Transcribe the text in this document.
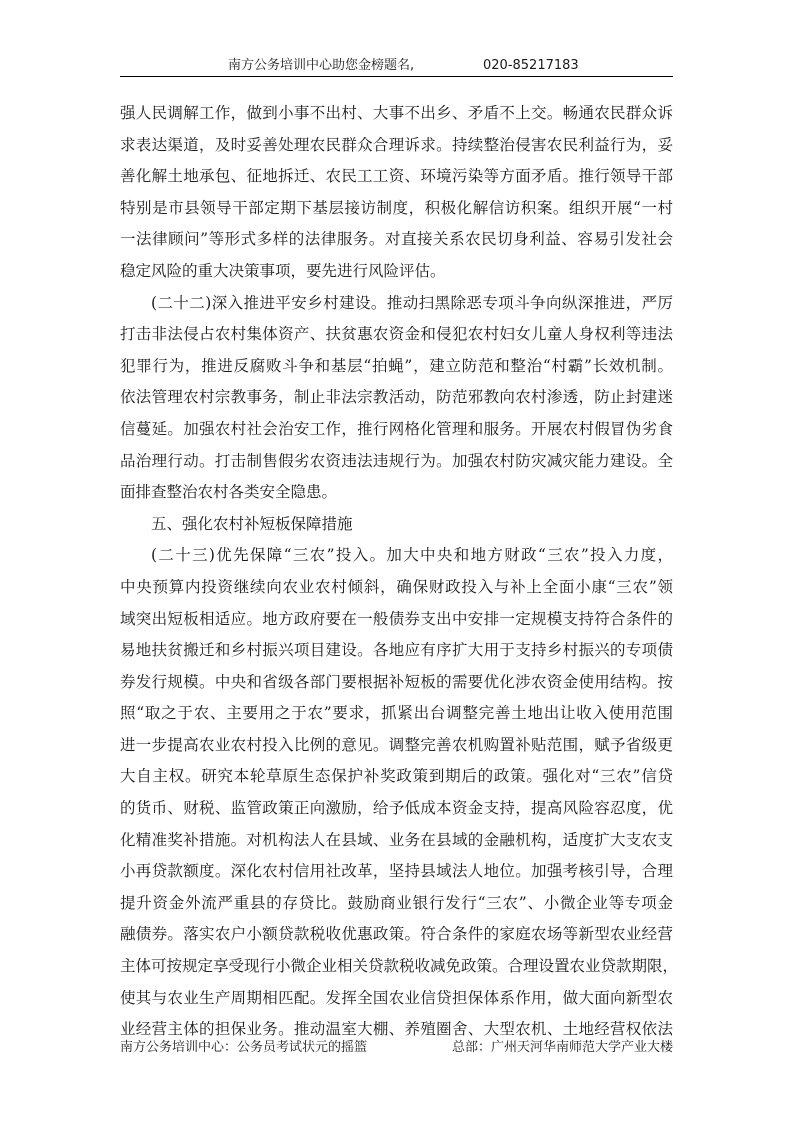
南方公务培训中心助您金榜题名,	020-85217183
强人民调解工作，做到小事不出村、大事不出乡、矛盾不上交。畅通农民群众诉
求表达渠道，及时妥善处理农民群众合理诉求。持续整治侵害农民利益行为，妥
善化解土地承包、征地拆迁、农民工工资、环境污染等方面矛盾。推行领导干部
特别是市县领导干部定期下基层接访制度，积极化解信访积案。组织开展“一村
一法律顾问”等形式多样的法律服务。对直接关系农民切身利益、容易引发社会
稳定风险的重大决策事项，要先进行风险评估。
(二十二)深入推进平安乡村建设。推动扫黑除恶专项斗争向纵深推进，严厉
打击非法侵占农村集体资产、扶贫惠农资金和侵犯农村妇女儿童人身权利等违法
犯罪行为，推进反腐败斗争和基层“拍蝇”，建立防范和整治“村霸”长效机制。
依法管理农村宗教事务，制止非法宗教活动，防范邪教向农村渗透，防止封建迷
信蔓延。加强农村社会治安工作，推行网格化管理和服务。开展农村假冒伪劣食
品治理行动。打击制售假劣农资违法违规行为。加强农村防灾减灾能力建设。全
面排查整治农村各类安全隐患。
五、强化农村补短板保障措施
(二十三)优先保障“三农”投入。加大中央和地方财政“三农”投入力度，
中央预算内投资继续向农业农村倾斜，确保财政投入与补上全面小康“三农”领
域突出短板相适应。地方政府要在一般债券支出中安排一定规模支持符合条件的
易地扶贫搬迁和乡村振兴项目建设。各地应有序扩大用于支持乡村振兴的专项债
券发行规模。中央和省级各部门要根据补短板的需要优化涉农资金使用结构。按
照“取之于农、主要用之于农”要求，抓紧出台调整完善土地出让收入使用范围
进一步提高农业农村投入比例的意见。调整完善农机购置补贴范围，赋予省级更
大自主权。研究本轮草原生态保护补奖政策到期后的政策。强化对“三农”信贷
的货币、财税、监管政策正向激励，给予低成本资金支持，提高风险容忍度，优
化精准奖补措施。对机构法人在县域、业务在县域的金融机构，适度扩大支农支
小再贷款额度。深化农村信用社改革，坚持县域法人地位。加强考核引导，合理
提升资金外流严重县的存贷比。鼓励商业银行发行“三农”、小微企业等专项金
融债券。落实农户小额贷款税收优惠政策。符合条件的家庭农场等新型农业经营
主体可按规定享受现行小微企业相关贷款税收减免政策。合理设置农业贷款期限，
使其与农业生产周期相匹配。发挥全国农业信贷担保体系作用，做大面向新型农
业经营主体的担保业务。推动温室大棚、养殖圈舍、大型农机、土地经营权依法
南方公务培训中心：公务员考试状元的摇篮	总部：广州天河华南师范大学产业大楼
